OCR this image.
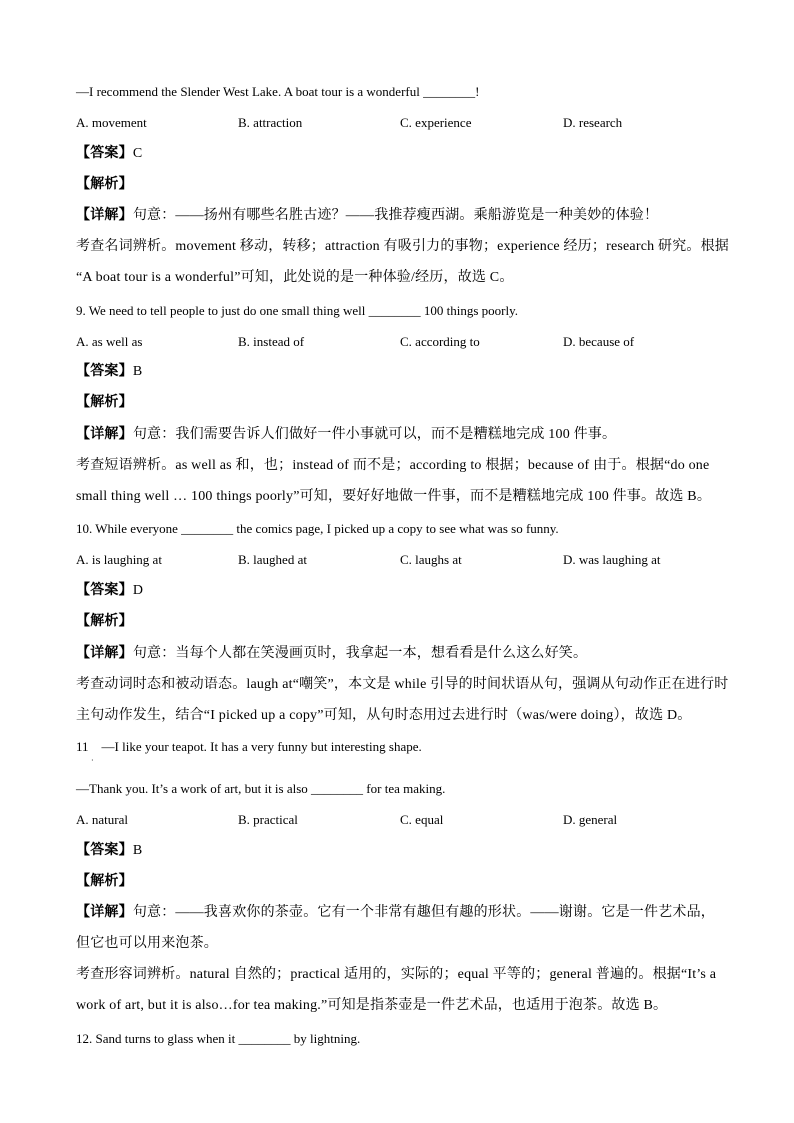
—I recommend the Slender West Lake. A boat tour is a wonderful ________!
A. movement	B. attraction	C. experience	D. research
【答案】C
【解析】
【详解】句意：——扬州有哪些名胜古迹？——我推荐瘦西湖。乘船游览是一种美妙的体验！
考查名词辨析。movement 移动，转移；attraction 有吸引力的事物；experience 经历；research 研究。根据
“A boat tour is a wonderful”可知，此处说的是一种体验/经历，故选 C。
9. We need to tell people to just do one small thing well ________ 100 things poorly.
A. as well as	B. instead of	C. according to	D. because of
【答案】B
【解析】
【详解】句意：我们需要告诉人们做好一件小事就可以，而不是糟糕地完成 100 件事。
考查短语辨析。as well as 和，也；instead of 而不是；according to 根据；because of 由于。根据“do one
small thing well … 100 things poorly”可知，要好好地做一件事，而不是糟糕地完成 100 件事。故选 B。
10. While everyone ________ the comics page, I picked up a copy to see what was so funny.
A. is laughing at	B. laughed at	C. laughs at	D. was laughing at
【答案】D
【解析】
【详解】句意：当每个人都在笑漫画页时，我拿起一本，想看看是什么这么好笑。
考查动词时态和被动语态。laugh at“嘲笑”，本文是 while 引导的时间状语从句，强调从句动作正在进行时
主句动作发生，结合“I picked up a copy”可知，从句时态用过去进行时（was/were doing），故选 D。
11　—I like your teapot. It has a very funny but interesting shape.
·
—Thank you. It’s a work of art, but it is also ________ for tea making.
A. natural	B. practical	C. equal	D. general
【答案】B
【解析】
【详解】句意：——我喜欢你的茶壶。它有一个非常有趣但有趣的形状。——谢谢。它是一件艺术品，
但它也可以用来泡茶。
考查形容词辨析。natural 自然的；practical 适用的，实际的；equal 平等的；general 普遍的。根据“It’s a
work of art, but it is also…for tea making.”可知是指茶壶是一件艺术品，也适用于泡茶。故选 B。
12. Sand turns to glass when it ________ by lightning.
